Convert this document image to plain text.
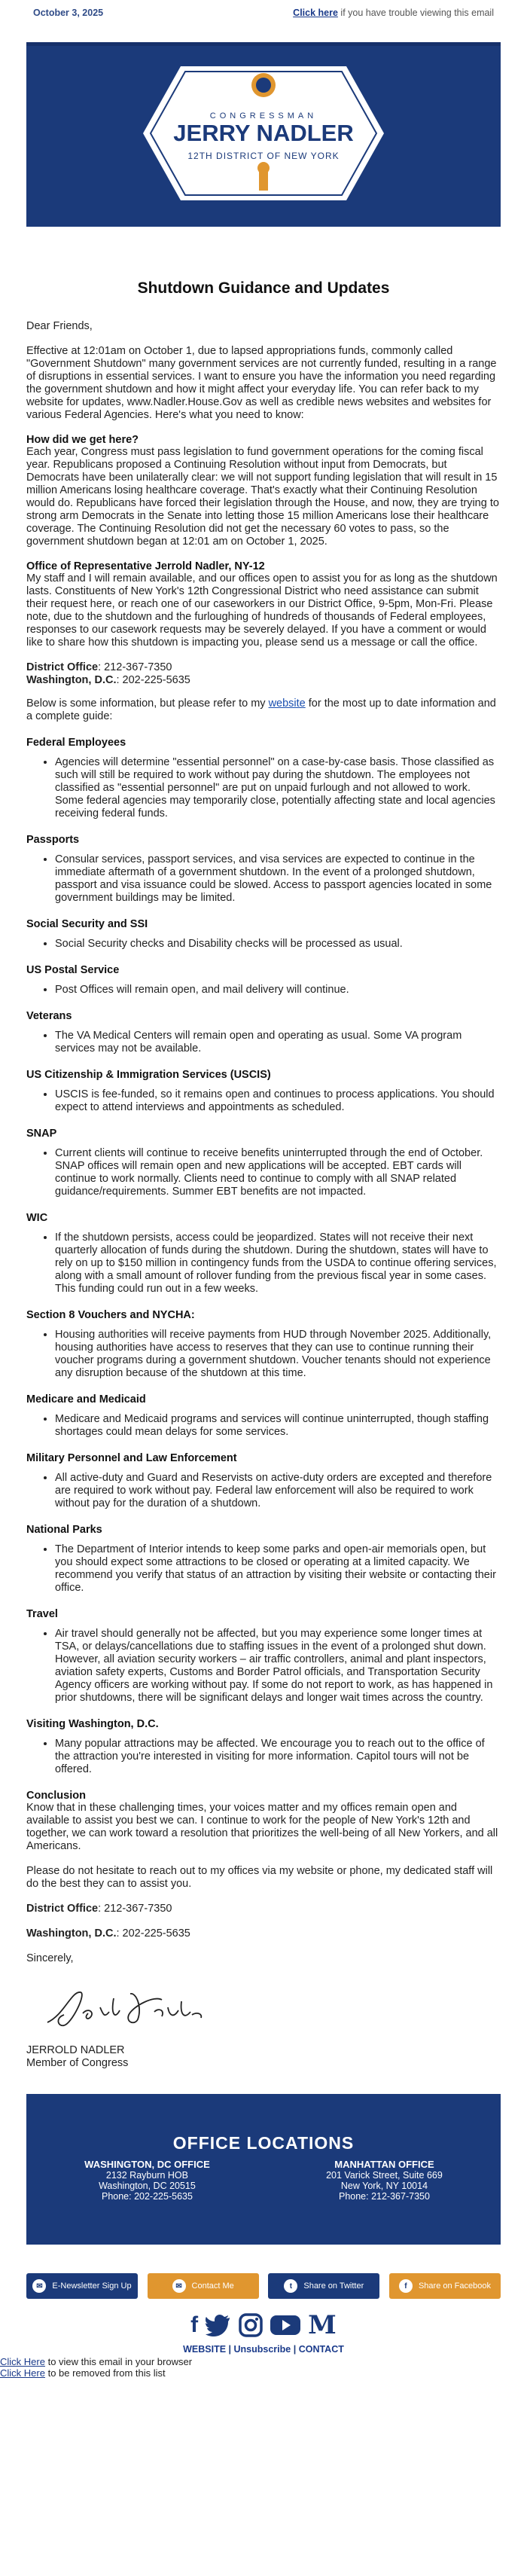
October 3, 2025	Click here if you have trouble viewing this email
CONGRESSMAN
JERRY NADLER
12TH DISTRICT OF NEW YORK
Shutdown Guidance and Updates

Dear Friends,

Effective at 12:01am on October 1, due to lapsed appropriations funds, commonly called "Government Shutdown" many government services are not currently funded, resulting in a range of disruptions in essential services. I want to ensure you have the information you need regarding the government shutdown and how it might affect your everyday life. You can refer back to my website for updates, www.Nadler.House.Gov as well as credible news websites and websites for various Federal Agencies. Here's what you need to know:

How did we get here?

Each year, Congress must pass legislation to fund government operations for the coming fiscal year. Republicans proposed a Continuing Resolution without input from Democrats, but Democrats have been unilaterally clear: we will not support funding legislation that will result in 15 million Americans losing healthcare coverage. That's exactly what their Continuing Resolution would do. Republicans have forced their legislation through the House, and now, they are trying to strong arm Democrats in the Senate into letting those 15 million Americans lose their healthcare coverage. The Continuing Resolution did not get the necessary 60 votes to pass, so the government shutdown began at 12:01 am on October 1, 2025.

Office of Representative Jerrold Nadler, NY-12

My staff and I will remain available, and our offices open to assist you for as long as the shutdown lasts. Constituents of New York's 12th Congressional District who need assistance can submit their request here, or reach one of our caseworkers in our District Office, 9-5pm, Mon-Fri. Please note, due to the shutdown and the furloughing of hundreds of thousands of Federal employees, responses to our casework requests may be severely delayed. If you have a comment or would like to share how this shutdown is impacting you, please send us a message or call the office.

District Office: 212-367-7350
Washington, D.C.: 202-225-5635

Below is some information, but please refer to my website for the most up to date information and a complete guide:

Federal Employees
• Agencies will determine "essential personnel" on a case-by-case basis. Those classified as such will still be required to work without pay during the shutdown. The employees not classified as "essential personnel" are put on unpaid furlough and not allowed to work. Some federal agencies may temporarily close, potentially affecting state and local agencies receiving federal funds.
Passports
• Consular services, passport services, and visa services are expected to continue in the immediate aftermath of a government shutdown. In the event of a prolonged shutdown, passport and visa issuance could be slowed. Access to passport agencies located in some government buildings may be limited.
Social Security and SSI
• Social Security checks and Disability checks will be processed as usual.
US Postal Service
• Post Offices will remain open, and mail delivery will continue.
Veterans
• The VA Medical Centers will remain open and operating as usual. Some VA program services may not be available.
US Citizenship & Immigration Services (USCIS)
• USCIS is fee-funded, so it remains open and continues to process applications. You should expect to attend interviews and appointments as scheduled.
SNAP
• Current clients will continue to receive benefits uninterrupted through the end of October. SNAP offices will remain open and new applications will be accepted. EBT cards will continue to work normally. Clients need to continue to comply with all SNAP related guidance/requirements. Summer EBT benefits are not impacted.
WIC
• If the shutdown persists, access could be jeopardized. States will not receive their next quarterly allocation of funds during the shutdown. During the shutdown, states will have to rely on up to $150 million in contingency funds from the USDA to continue offering services, along with a small amount of rollover funding from the previous fiscal year in some cases. This funding could run out in a few weeks.
Section 8 Vouchers and NYCHA:
• Housing authorities will receive payments from HUD through November 2025. Additionally, housing authorities have access to reserves that they can use to continue running their voucher programs during a government shutdown. Voucher tenants should not experience any disruption because of the shutdown at this time.
Medicare and Medicaid
• Medicare and Medicaid programs and services will continue uninterrupted, though staffing shortages could mean delays for some services.
Military Personnel and Law Enforcement
• All active-duty and Guard and Reservists on active-duty orders are excepted and therefore are required to work without pay. Federal law enforcement will also be required to work without pay for the duration of a shutdown.
National Parks
• The Department of Interior intends to keep some parks and open-air memorials open, but you should expect some attractions to be closed or operating at a limited capacity. We recommend you verify that status of an attraction by visiting their website or contacting their office.
Travel
• Air travel should generally not be affected, but you may experience some longer times at TSA, or delays/cancellations due to staffing issues in the event of a prolonged shut down. However, all aviation security workers – air traffic controllers, animal and plant inspectors, aviation safety experts, Customs and Border Patrol officials, and Transportation Security Agency officers are working without pay. If some do not report to work, as has happened in prior shutdowns, there will be significant delays and longer wait times across the country.
Visiting Washington, D.C.
• Many popular attractions may be affected. We encourage you to reach out to the office of the attraction you're interested in visiting for more information. Capitol tours will not be offered.
Conclusion

Know that in these challenging times, your voices matter and my offices remain open and available to assist you best we can. I continue to work for the people of New York's 12th and together, we can work toward a resolution that prioritizes the well-being of all New Yorkers, and all Americans.

Please do not hesitate to reach out to my offices via my website or phone, my dedicated staff will do the best they can to assist you.

District Office: 212-367-7350

Washington, D.C.: 202-225-5635

Sincerely,

JERROLD NADLER

Member of Congress

OFFICE LOCATIONS
WASHINGTON, DC OFFICE
2132 Rayburn HOB
Washington, DC 20515
Phone: 202-225-5635
MANHATTAN OFFICE
201 Varick Street, Suite 669
New York, NY 10014
Phone: 212-367-7350
✉	E-Newsletter Sign Up	✉	Contact Me	t	Share on Twitter	f	Share on Facebook
f	M
WEBSITE | Unsubscribe | CONTACT
Click Here to view this email in your browser
Click Here to be removed from this list
